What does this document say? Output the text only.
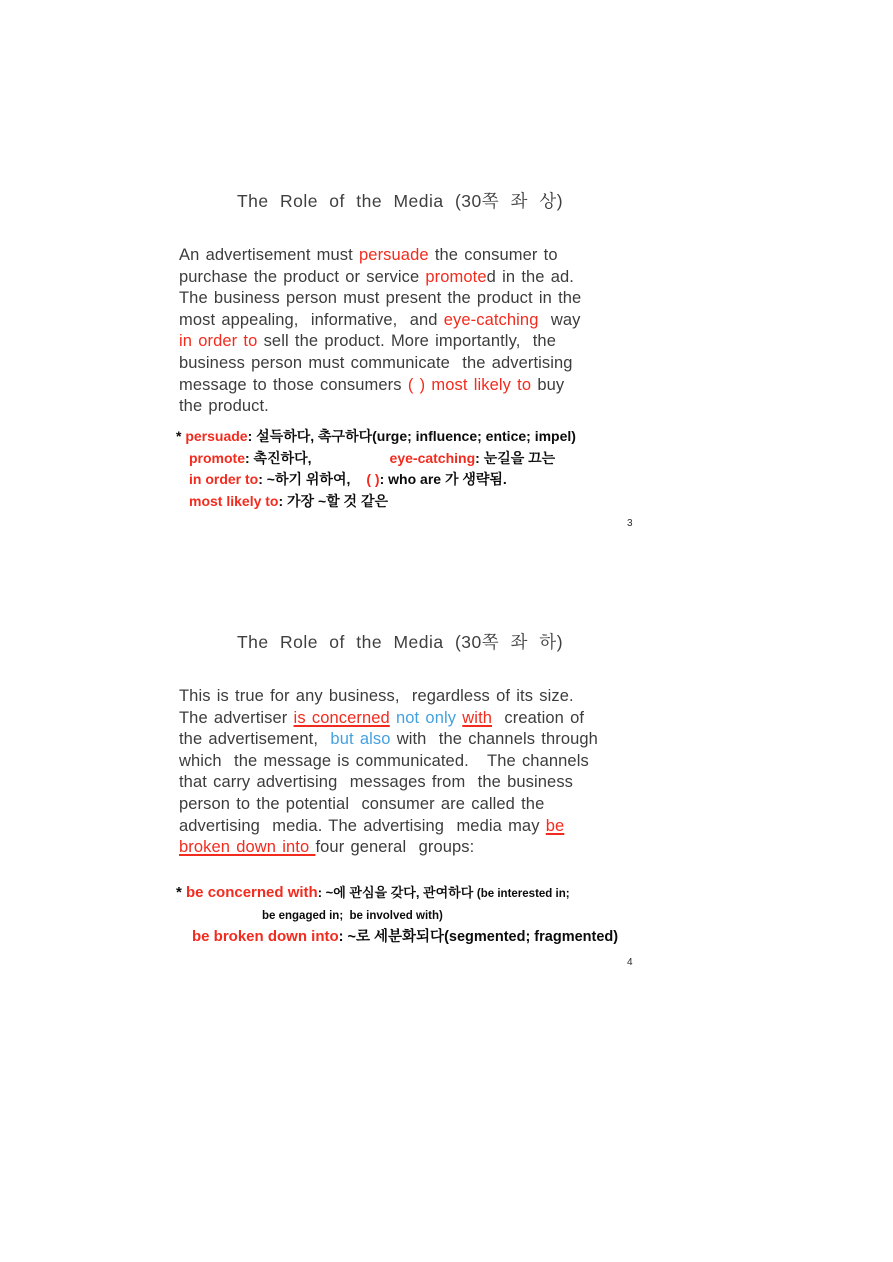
The Role of the Media (30쪽 좌 상)
An advertisement must persuade the consumer to
purchase the product or service promoted in the ad.
The business person must present the product in the
most appealing,  informative,  and eye-catching  way
in order to sell the product. More importantly,  the
business person must communicate  the advertising
message to those consumers ( ) most likely to buy
the product.
* persuade: 설득하다, 촉구하다(urge; influence; entice; impel)
promote: 촉진하다,	eye-catching: 눈길을 끄는
in order to: ~하기 위하여, ( ): who are 가 생략됨.
most likely to: 가장 ~할 것 같은
3
The Role of the Media (30쪽 좌 하)
This is true for any business,  regardless of its size.
The advertiser is concerned not only with  creation of
the advertisement,  but also with  the channels through
which  the message is communicated.   The channels
that carry advertising  messages from  the business
person to the potential  consumer are called the
advertising  media. The advertising  media may be
broken down into four general  groups:
* be concerned with: ~에 관심을 갖다, 관여하다 (be interested in;
be engaged in;  be involved with)
be broken down into: ~로 세분화되다(segmented; fragmented)
4
